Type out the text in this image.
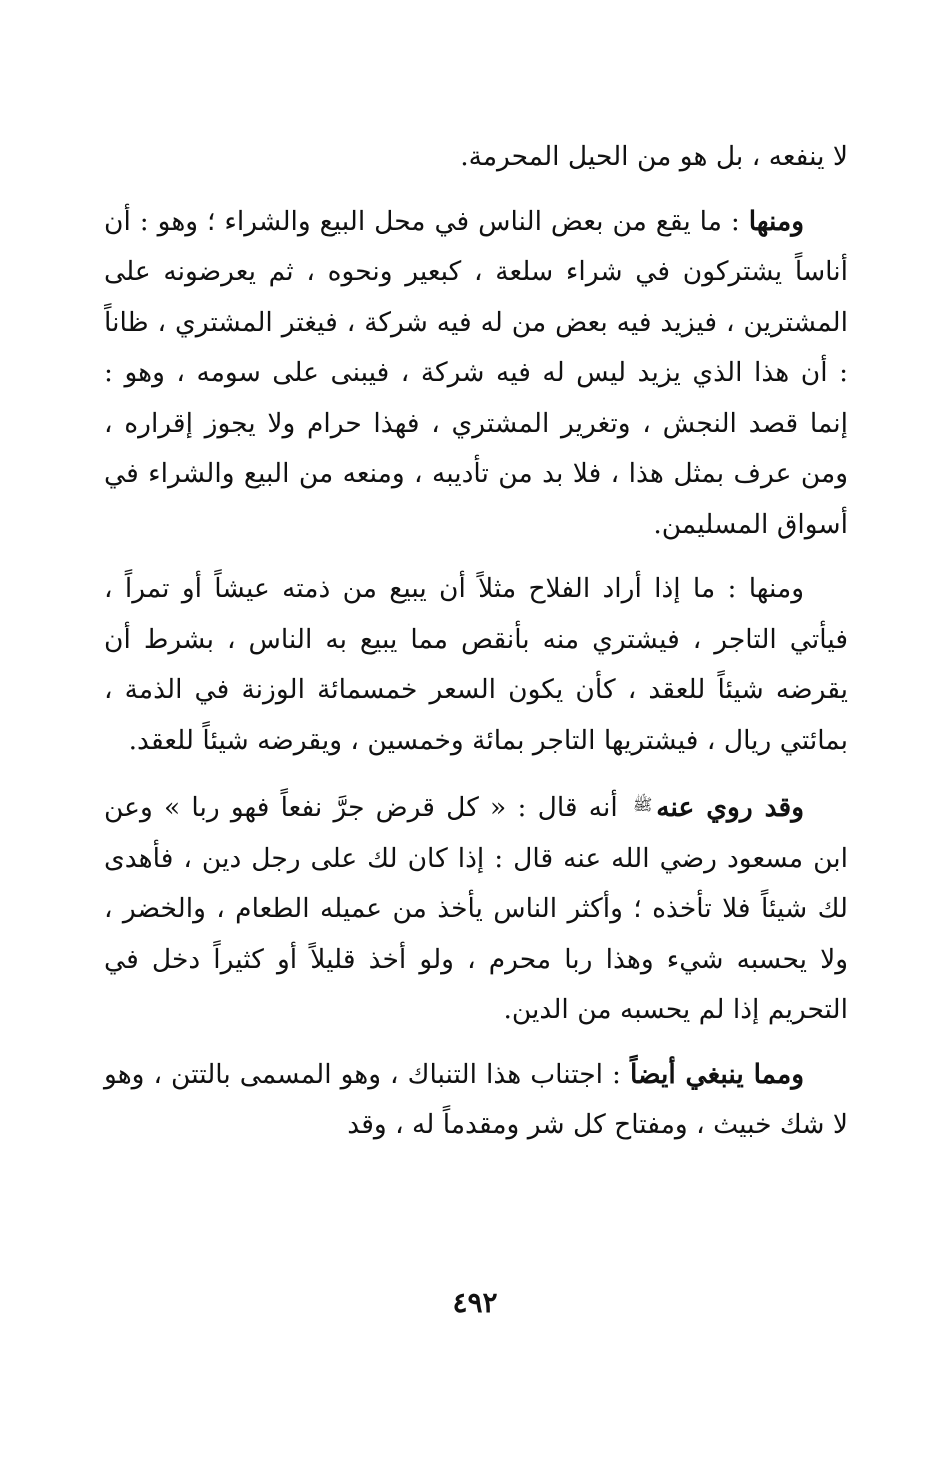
لا ينفعه ، بل هو من الحيل المحرمة.

ومنها : ما يقع من بعض الناس في محل البيع والشراء ؛ وهو : أن أناساً يشتركون في شراء سلعة ، كبعير ونحوه ، ثم يعرضونه على المشترين ، فيزيد فيه بعض من له فيه شركة ، فيغتر المشتري ، ظاناً : أن هذا الذي يزيد ليس له فيه شركة ، فيبنى على سومه ، وهو : إنما قصد النجش ، وتغرير المشتري ، فهذا حرام ولا يجوز إقراره ، ومن عرف بمثل هذا ، فلا بد من تأديبه ، ومنعه من البيع والشراء في أسواق المسليمن.

ومنها : ما إذا أراد الفلاح مثلاً أن يبيع من ذمته عيشاً أو تمراً ، فيأتي التاجر ، فيشتري منه بأنقص مما يبيع به الناس ، بشرط أن يقرضه شيئاً للعقد ، كأن يكون السعر خمسمائة الوزنة في الذمة ، بمائتي ريال ، فيشتريها التاجر بمائة وخمسين ، ويقرضه شيئاً للعقد.

وقد روي عنه$^ﷺ$ أنه قال : « كل قرض جرَّ نفعاً فهو ربا » وعن ابن مسعود رضي الله عنه قال : إذا كان لك على رجل دين ، فأهدى لك شيئاً فلا تأخذه ؛ وأكثر الناس يأخذ من عميله الطعام ، والخضر ، ولا يحسبه شيء وهذا ربا محرم ، ولو أخذ قليلاً أو كثيراً دخل في التحريم إذا لم يحسبه من الدين.

ومما ينبغي أيضاً : اجتناب هذا التنباك ، وهو المسمى بالتتن ، وهو لا شك خبيث ، ومفتاح كل شر ومقدماً له ، وقد

٤٩٢
